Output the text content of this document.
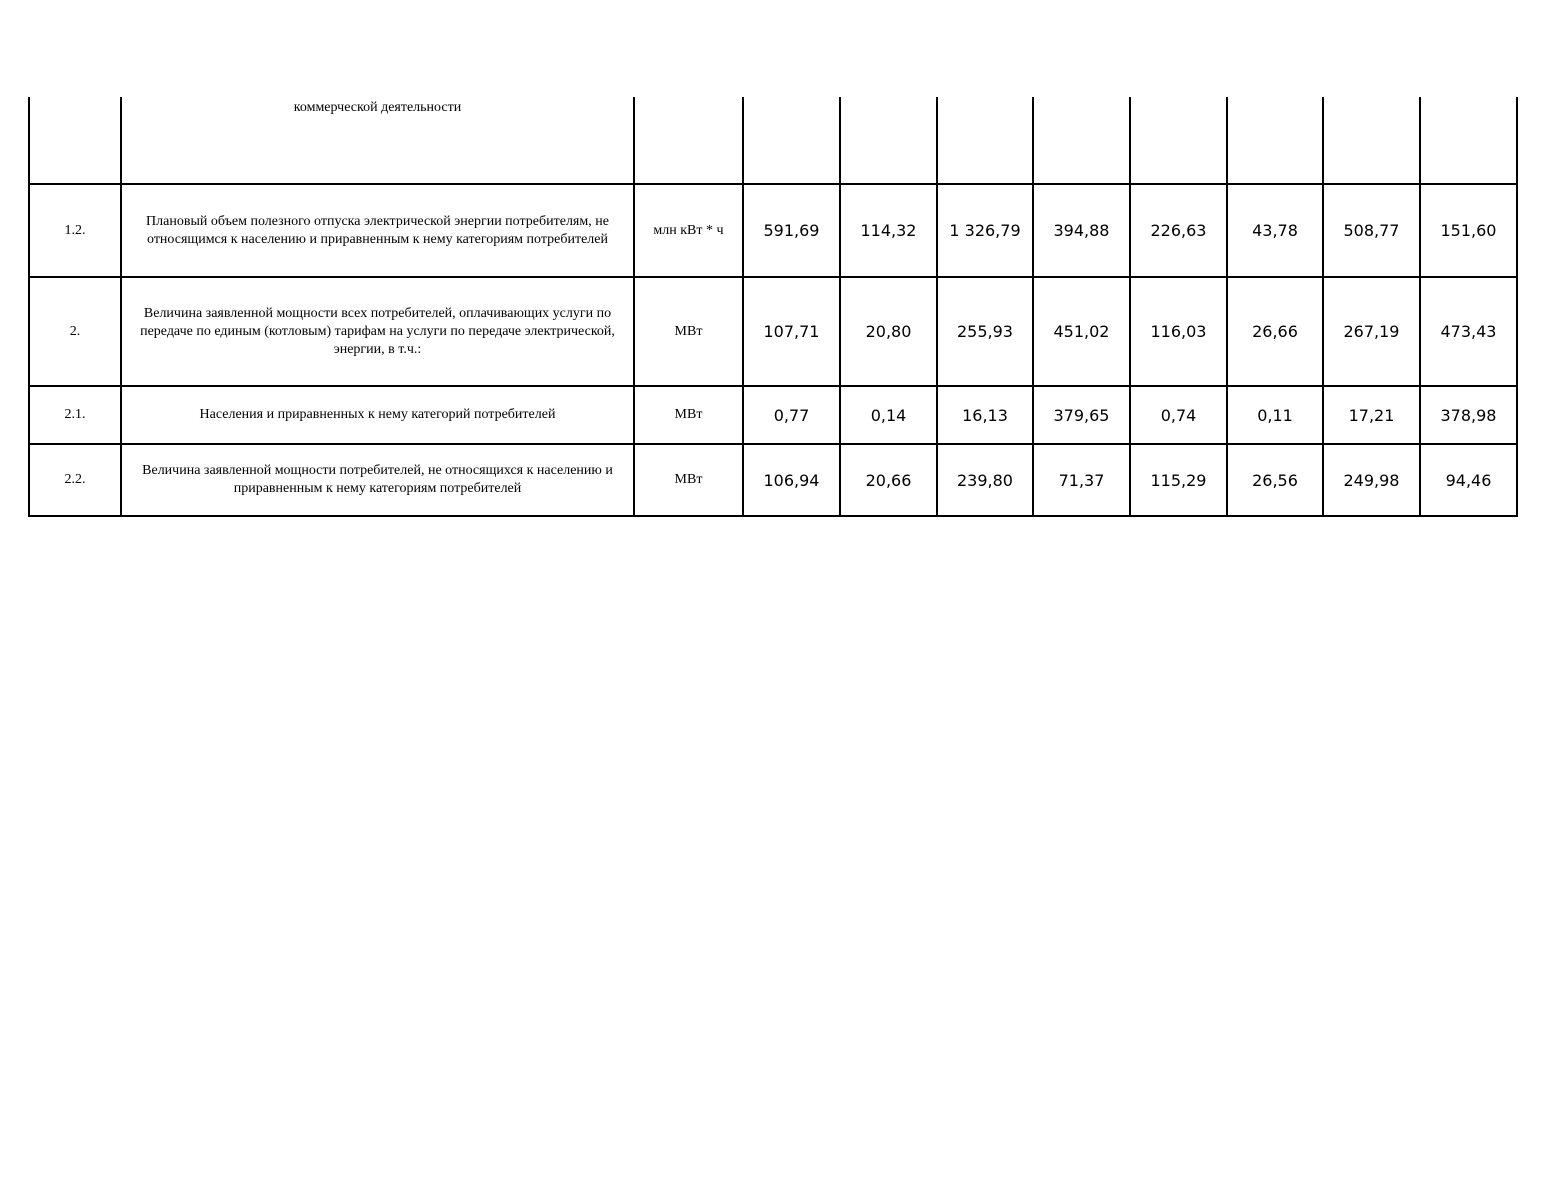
	коммерческой деятельности									
1.2.	Плановый объем полезного отпуска электрической энергии потребителям, не относящимся к населению и приравненным к нему категориям потребителей	млн кВт * ч	591,69	114,32	1 326,79	394,88	226,63	43,78	508,77	151,60
2.	Величина заявленной мощности всех потребителей, оплачивающих услуги по передаче по единым (котловым) тарифам на услуги по передаче электрической, энергии, в т.ч.:	МВт	107,71	20,80	255,93	451,02	116,03	26,66	267,19	473,43
2.1.	Населения и приравненных к нему категорий потребителей	МВт	0,77	0,14	16,13	379,65	0,74	0,11	17,21	378,98
2.2.	Величина заявленной мощности потребителей, не относящихся к населению и приравненным к нему категориям потребителей	МВт	106,94	20,66	239,80	71,37	115,29	26,56	249,98	94,46
